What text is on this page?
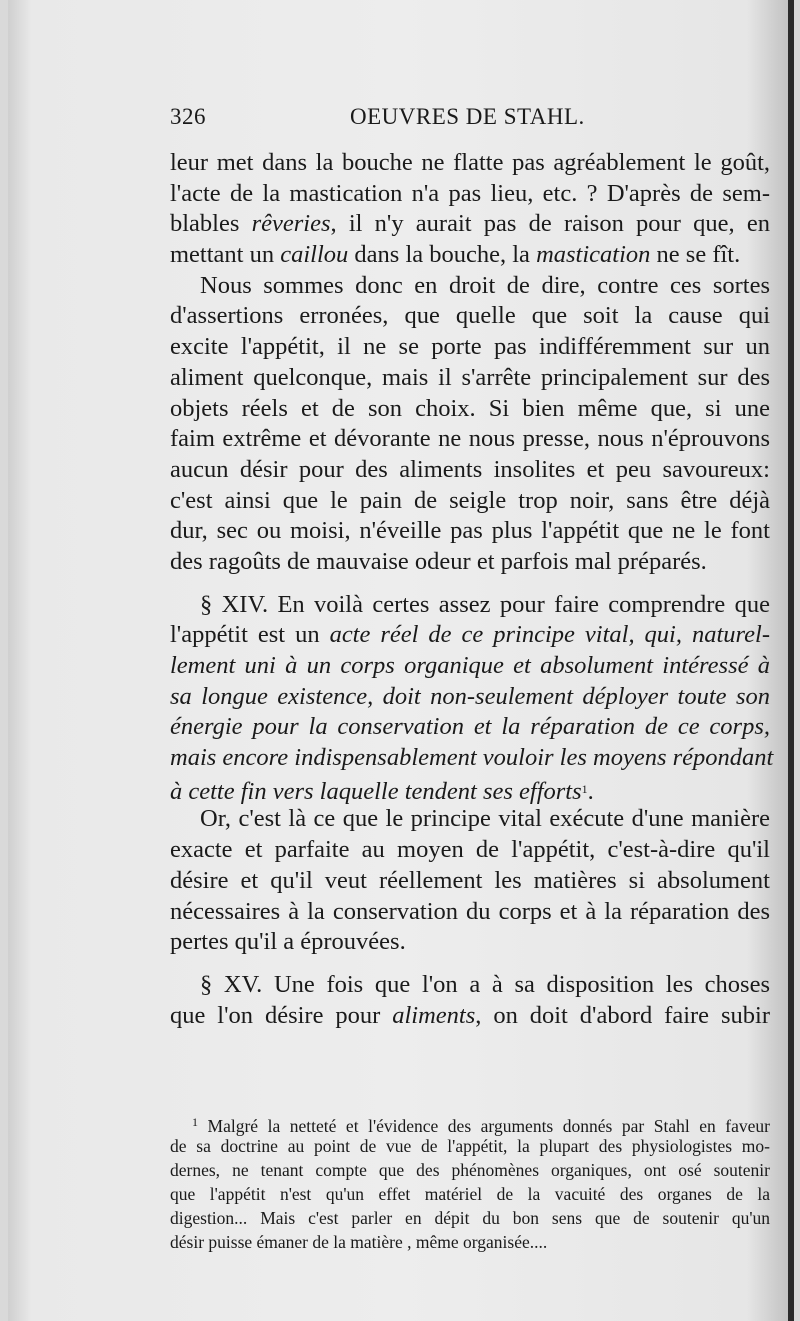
326	OEUVRES DE STAHL.
leur met dans la bouche ne flatte pas agréablement le goût,
l'acte de la mastication n'a pas lieu, etc. ? D'après de sem-
blables rêveries, il n'y aurait pas de raison pour que, en
mettant un caillou dans la bouche, la mastication ne se fît.
Nous sommes donc en droit de dire, contre ces sortes
d'assertions erronées, que quelle que soit la cause qui
excite l'appétit, il ne se porte pas indifféremment sur un
aliment quelconque, mais il s'arrête principalement sur des
objets réels et de son choix. Si bien même que, si une
faim extrême et dévorante ne nous presse, nous n'éprouvons
aucun désir pour des aliments insolites et peu savoureux:
c'est ainsi que le pain de seigle trop noir, sans être déjà
dur, sec ou moisi, n'éveille pas plus l'appétit que ne le font
des ragoûts de mauvaise odeur et parfois mal préparés.
§ XIV. En voilà certes assez pour faire comprendre que
l'appétit est un acte réel de ce principe vital, qui, naturel-
lement uni à un corps organique et absolument intéressé à
sa longue existence, doit non-seulement déployer toute son
énergie pour la conservation et la réparation de ce corps,
mais encore indispensablement vouloir les moyens répondant
à cette fin vers laquelle tendent ses efforts$^1$.
Or, c'est là ce que le principe vital exécute d'une manière
exacte et parfaite au moyen de l'appétit, c'est-à-dire qu'il
désire et qu'il veut réellement les matières si absolument
nécessaires à la conservation du corps et à la réparation des
pertes qu'il a éprouvées.
§ XV. Une fois que l'on a à sa disposition les choses
que l'on désire pour aliments, on doit d'abord faire subir
$^1$ Malgré la netteté et l'évidence des arguments donnés par Stahl en faveur
de sa doctrine au point de vue de l'appétit, la plupart des physiologistes mo-
dernes, ne tenant compte que des phénomènes organiques, ont osé soutenir
que l'appétit n'est qu'un effet matériel de la vacuité des organes de la
digestion... Mais c'est parler en dépit du bon sens que de soutenir qu'un
désir puisse émaner de la matière , même organisée....
